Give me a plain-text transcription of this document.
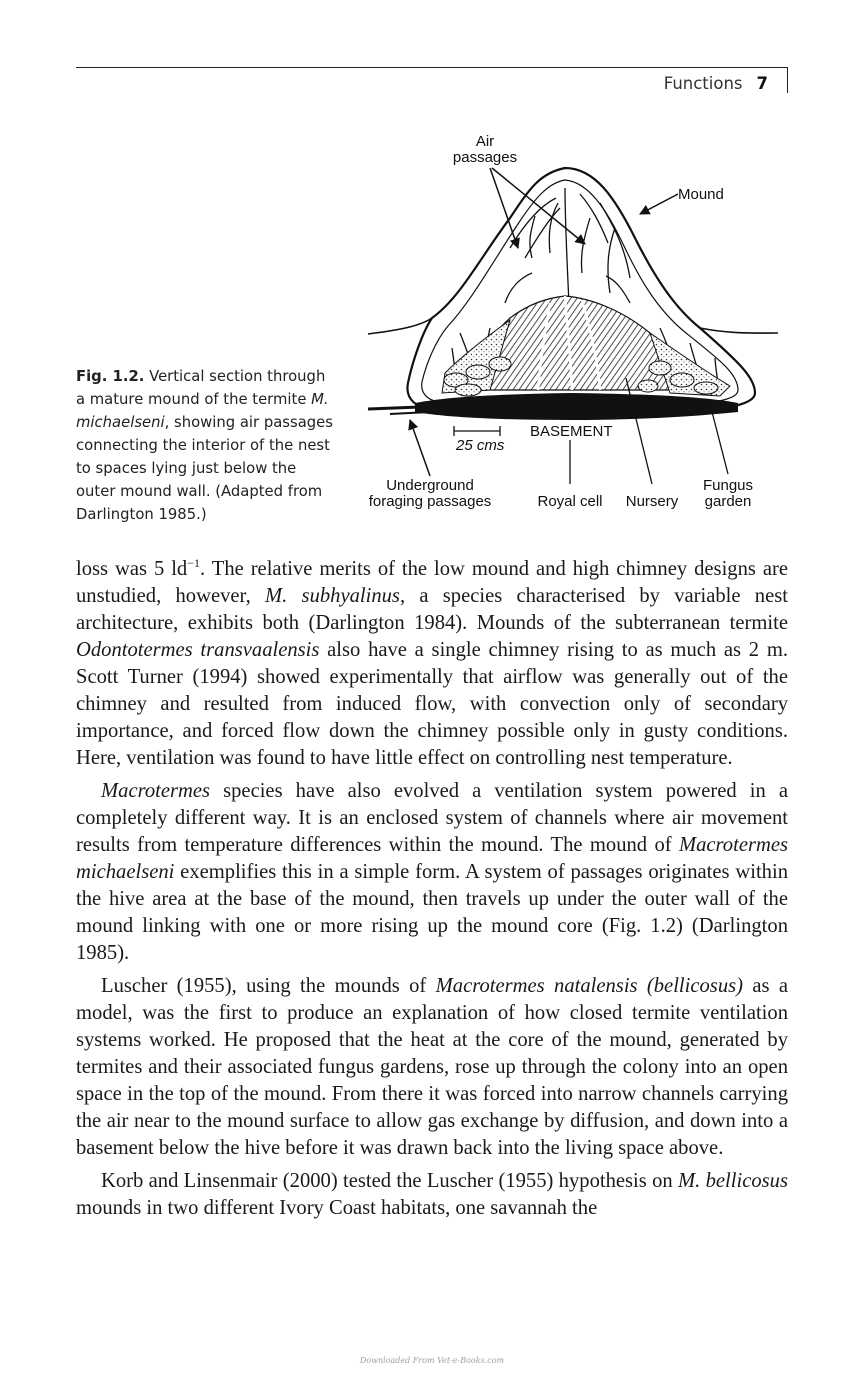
Functions 7
Air
passages
Mound
25 cms
BASEMENT
Underground
foraging passages	Royal cell Nursery
Fungus
garden
Fig. 1.2. Vertical section through a mature mound of the termite M. michaelseni, showing air passages connecting the interior of the nest to spaces lying just below the outer mound wall. (Adapted from Darlington 1985.)

loss was 5 $ld^{-1}$. The relative merits of the low mound and high chimney designs are unstudied, however, M. subhyalinus, a species characterised by variable nest architecture, exhibits both (Darlington 1984). Mounds of the subterranean termite Odontotermes transvaalensis also have a single chimney rising to as much as 2 m. Scott Turner (1994) showed experimentally that airflow was generally out of the chimney and resulted from induced flow, with convection only of secondary importance, and forced flow down the chimney possible only in gusty conditions. Here, ventilation was found to have little effect on controlling nest temperature.

Macrotermes species have also evolved a ventilation system powered in a completely different way. It is an enclosed system of channels where air movement results from temperature differences within the mound. The mound of Macrotermes michaelseni exemplifies this in a simple form. A system of passages originates within the hive area at the base of the mound, then travels up under the outer wall of the mound linking with one or more rising up the mound core (Fig. 1.2) (Darlington 1985).

Luscher (1955), using the mounds of Macrotermes natalensis (bellicosus) as a model, was the first to produce an explanation of how closed termite ventilation systems worked. He proposed that the heat at the core of the mound, generated by termites and their associated fungus gardens, rose up through the colony into an open space in the top of the mound. From there it was forced into narrow channels carrying the air near to the mound surface to allow gas exchange by diffusion, and down into a basement below the hive before it was drawn back into the living space above.

Korb and Linsenmair (2000) tested the Luscher (1955) hypothesis on M. bellicosus mounds in two different Ivory Coast habitats, one savannah the

Downloaded From Vet-e-Books.com
